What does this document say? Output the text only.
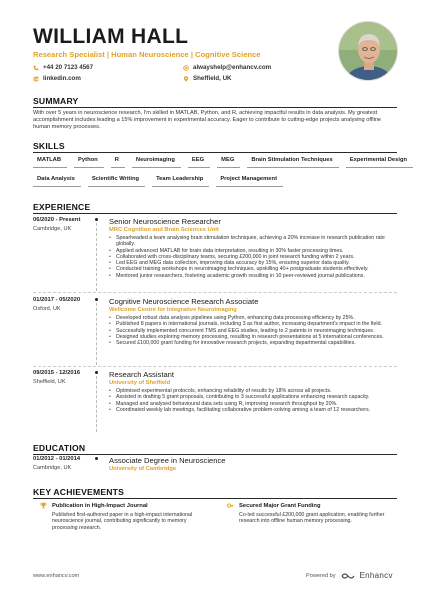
WILLIAM HALL
Research Specialist | Human Neuroscience | Cognitive Science
+44 20 7123 4567	alwayshelp@enhancv.com
linkedin.com	Sheffield, UK
SUMMARY
With over 5 years in neuroscience research, I'm skilled in MATLAB, Python, and R, achieving impactful results in data analysis. My greatest accomplishment includes leading a 15% improvement in experimental accuracy. Eager to contribute to cutting-edge projects analysing offline human memory processes.
SKILLS
MATLAB	Python	R	Neuroimaging	EEG	MEG	Brain Stimulation Techniques	Experimental Design
Data Analysis	Scientific Writing	Team Leadership	Project Management
EXPERIENCE
06/2020 - Present
Cambridge, UK
Senior Neuroscience Researcher
MRC Cognition and Brain Sciences Unit
• Spearheaded a team analysing brain stimulation techniques, achieving a 20% increase in research publication rate globally.
• Applied advanced MATLAB for brain data interpretation, resulting in 30% faster processing times.
• Collaborated with cross-disciplinary teams, securing £200,000 in joint research funding within 2 years.
• Led EEG and MEG data collection, improving data accuracy by 15%, ensuring superior data quality.
• Conducted training workshops in neuroimaging techniques, upskilling 40+ postgraduate students effectively.
• Mentored junior researchers, fostering academic growth resulting in 10 peer-reviewed journal publications.
01/2017 - 05/2020
Oxford, UK
Cognitive Neuroscience Research Associate
Wellcome Centre for Integrative Neuroimaging
• Developed robust data analysis pipelines using Python, enhancing data processing efficiency by 25%.
• Published 8 papers in international journals, including 3 as first author, increasing department's impact in the field.
• Successfully implemented concurrent TMS and EEG studies, leading to 2 patents in neuroimaging techniques.
• Designed studies exploring memory processing, resulting in research presentations at 5 international conferences.
• Secured £100,000 grant funding for innovative research projects, expanding departmental capabilities.
09/2015 - 12/2016
Sheffield, UK
Research Assistant
University of Sheffield
• Optimised experimental protocols, enhancing reliability of results by 18% across all projects.
• Assisted in drafting 5 grant proposals, contributing to 3 successful applications enhancing research capacity.
• Managed and analysed behavioural data sets using R, improving research throughput by 20%.
• Coordinated weekly lab meetings, facilitating collaborative problem-solving among a team of 12 researchers.
EDUCATION
01/2012 - 01/2014
Cambridge, UK
Associate Degree in Neuroscience
University of Cambridge
KEY ACHIEVEMENTS
Publication in High-Impact Journal
Published first-authored paper in a high-impact international neuroscience journal, contributing significantly to memory processing research.
Secured Major Grant Funding
Co-led successful £200,000 grant application, enabling further research into offline human memory processing.
www.enhancv.com	Powered by	Enhancv
